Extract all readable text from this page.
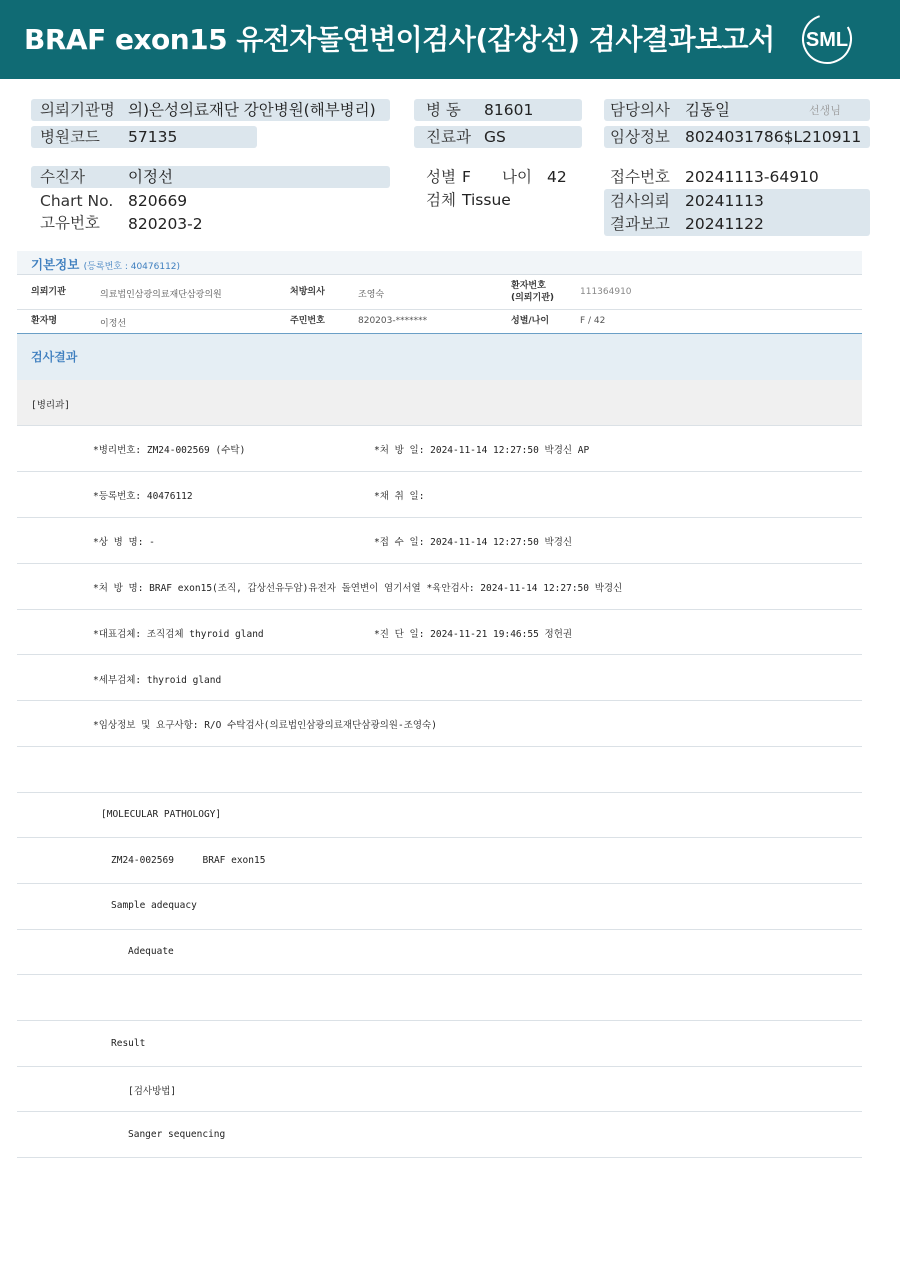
BRAF exon15 유전자돌연변이검사(갑상선) 검사결과보고서 SML
의뢰기관명 의)은성의료재단 강안병원(해부병리)
병원코드 57135
병 동 81601
진료과 GS
담당의사 김동일	선생님
임상정보 8024031786$L210911
수진자	이정선
Chart No. 820669
고유번호 820203-2
성별 F 나이 42
검체 Tissue
접수번호 20241113-64910
검사의뢰 20241113
결과보고 20241122
기본정보 (등록번호 : 40476112)
의뢰기관	의료법인삼광의료재단삼광의원	처방의사	조영숙
환자번호
(의뢰기관)
111364910
환자명	이정선	주민번호	820203-*******	성별/나이	F / 42
검사결과
[병리과]
*병리번호: ZM24-002569 (수탁)	*처 방 일: 2024-11-14 12:27:50 박경신 AP
*등록번호: 40476112	*채 취 일:
*상 병 명: -	*접 수 일: 2024-11-14 12:27:50 박경신
*처 방 명: BRAF exon15(조직, 갑상선유두암)유전자 돌연변이 염기서열 *육안검사: 2024-11-14 12:27:50 박경신
*대표검체: 조직검체 thyroid gland	*진 단 일: 2024-11-21 19:46:55 정헌권
*세부검체: thyroid gland
*임상정보 및 요구사항: R/O 수탁검사(의료법인삼광의료재단삼광의원-조영숙)
[MOLECULAR PATHOLOGY]
ZM24-002569     BRAF exon15
Sample adequacy
Adequate
Result
[검사방법]
Sanger sequencing
